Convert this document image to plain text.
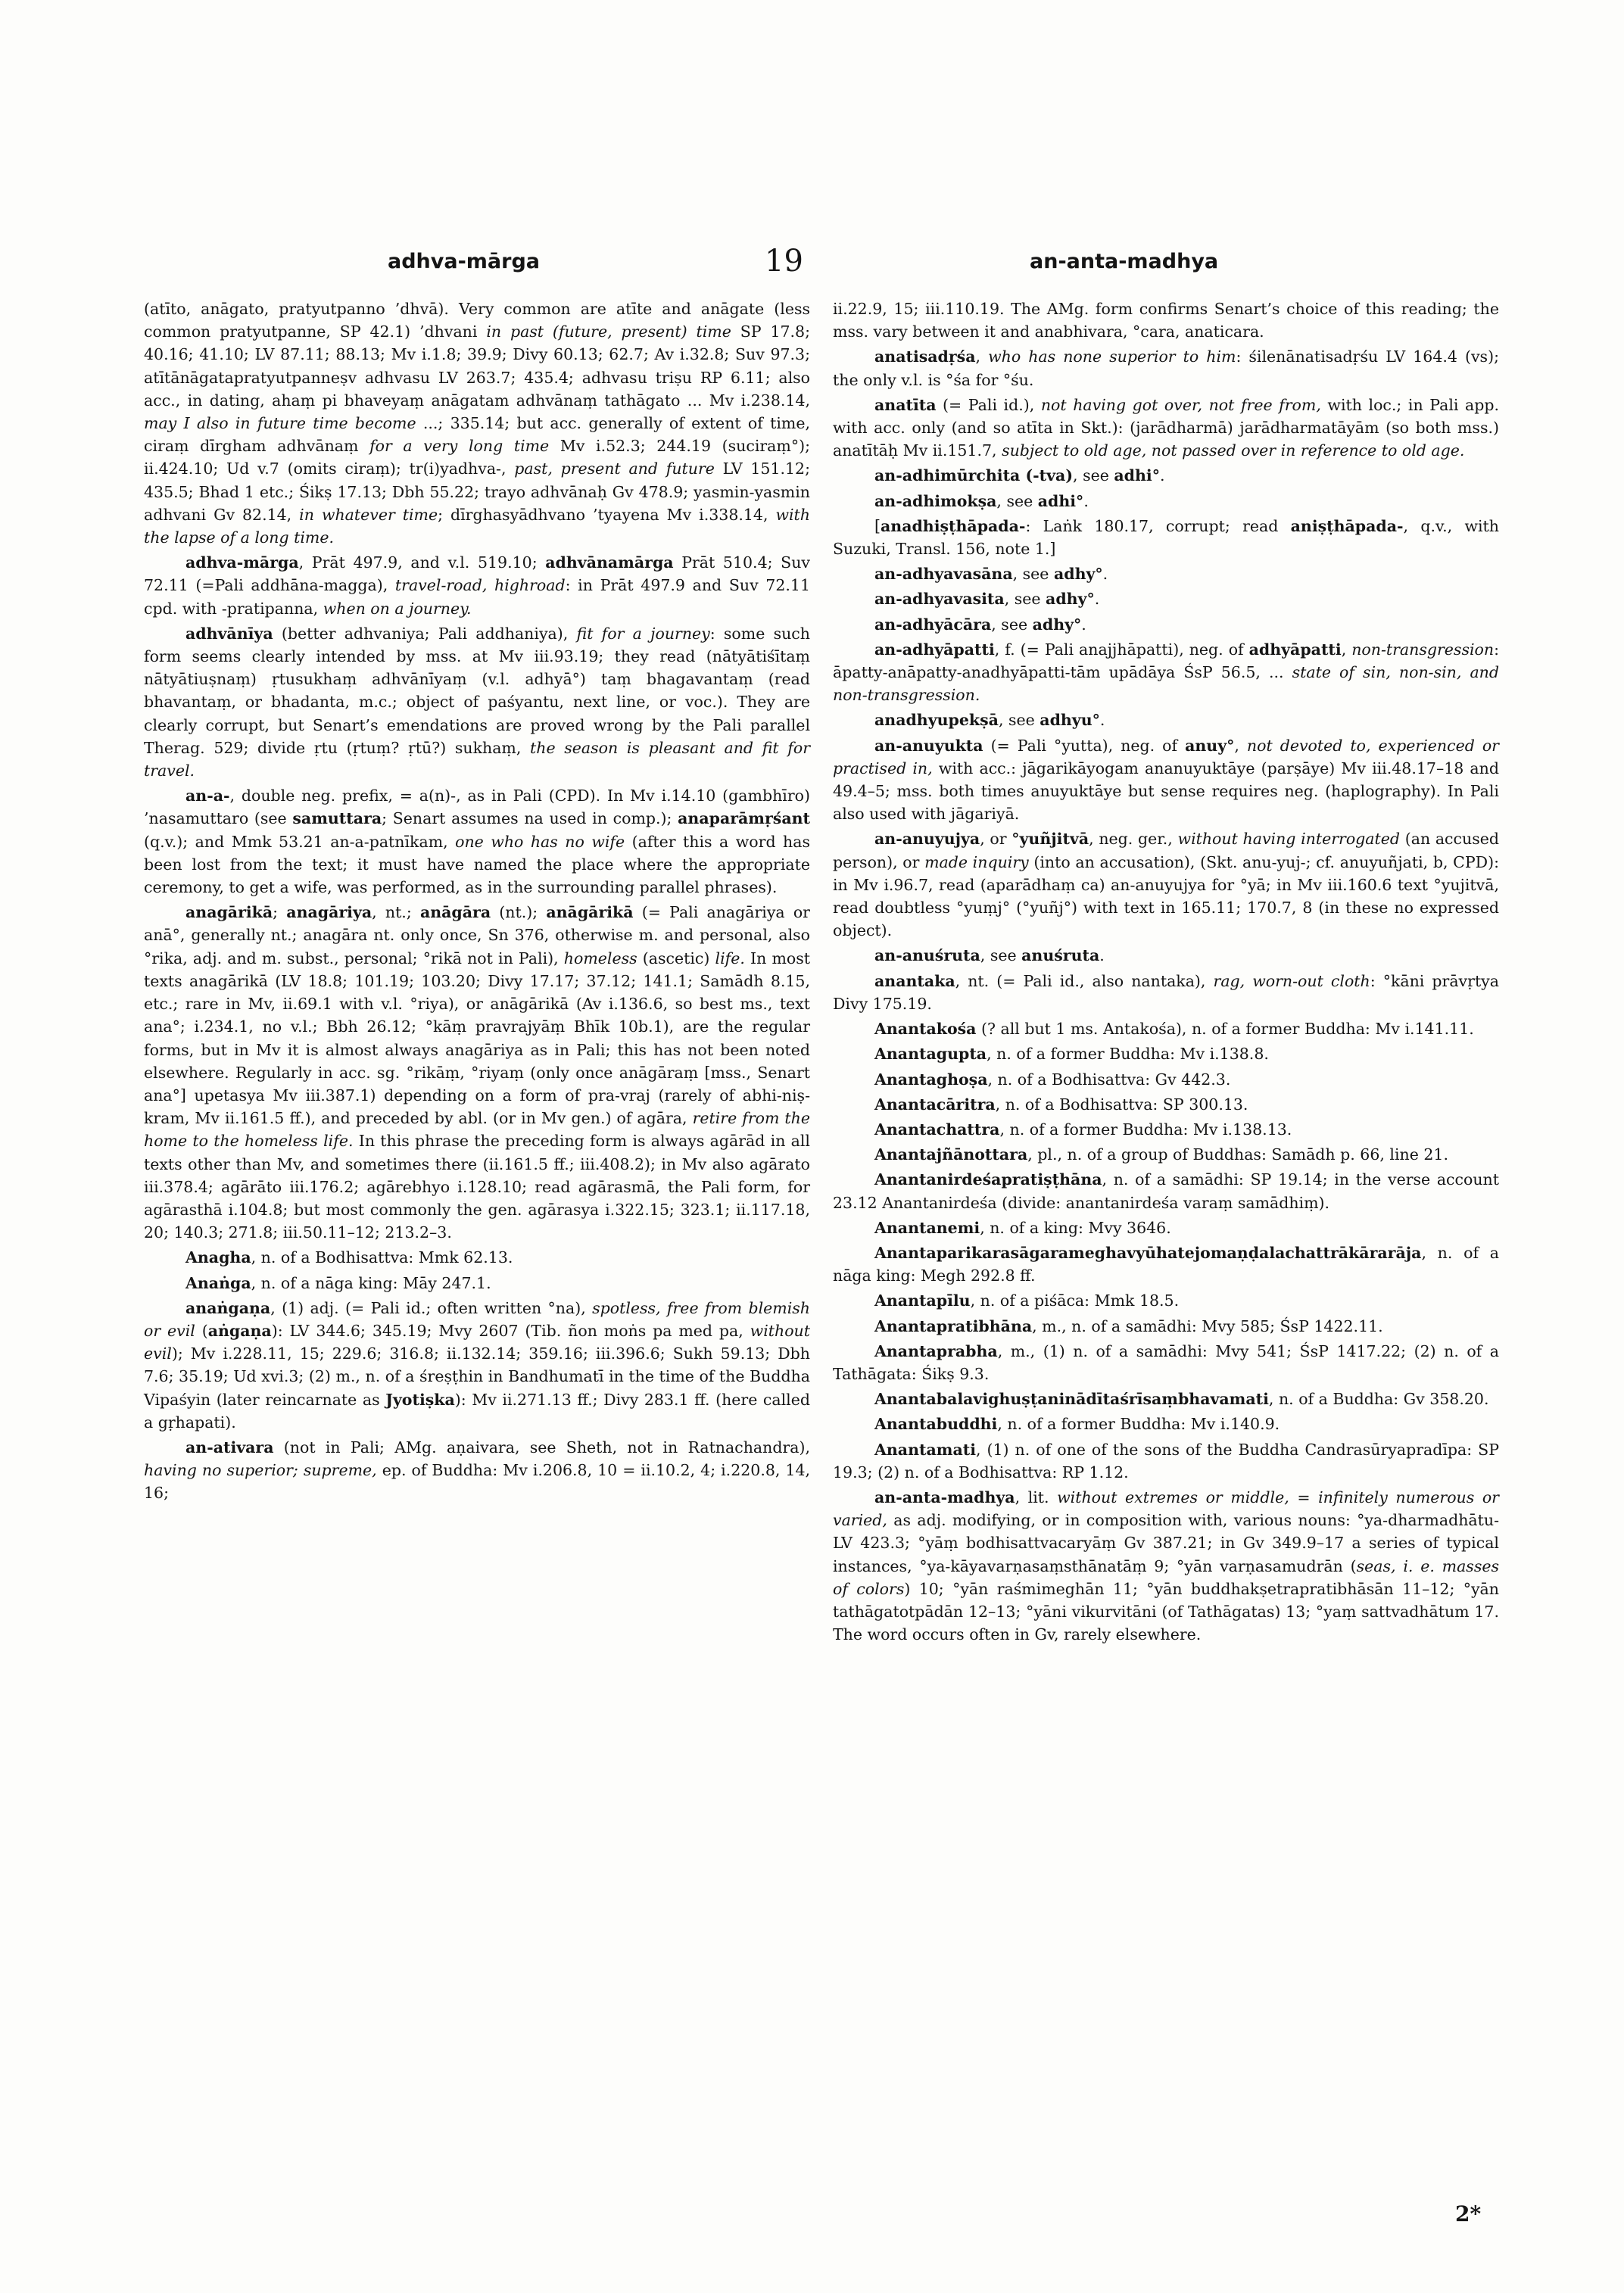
adhva-mārga	19	an-anta-madhya

(atīto, anāgato, pratyutpanno ’dhvā). Very common are atīte and anāgate (less common pratyutpanne, SP 42.1) ’dhvani in past (future, present) time SP 17.8; 40.16; 41.10; LV 87.11; 88.13; Mv i.1.8; 39.9; Divy 60.13; 62.7; Av i.32.8; Suv 97.3; atītānāgatapratyutpanneṣv adhvasu LV 263.7; 435.4; adhvasu triṣu RP 6.11; also acc., in dating, ahaṃ pi bhaveyaṃ anāgatam adhvānaṃ tathāgato ... Mv i.238.14, may I also in future time become ...; 335.14; but acc. generally of extent of time, ciraṃ dīrgham adhvānaṃ for a very long time Mv i.52.3; 244.19 (suciraṃ°); ii.424.10; Ud v.7 (omits ciraṃ); tr(i)yadhva-, past, present and future LV 151.12; 435.5; Bhad 1 etc.; Śikṣ 17.13; Dbh 55.22; trayo adhvānaḥ Gv 478.9; yasmin-yasmin adhvani Gv 82.14, in whatever time; dīrghasyādhvano ’tyayena Mv i.338.14, with the lapse of a long time.

adhva-mārga, Prāt 497.9, and v.l. 519.10; adhvānamārga Prāt 510.4; Suv 72.11 (=Pali addhāna-magga), travel-road, highroad: in Prāt 497.9 and Suv 72.11 cpd. with -pratipanna, when on a journey.

adhvānīya (better adhvaniya; Pali addhaniya), fit for a journey: some such form seems clearly intended by mss. at Mv iii.93.19; they read (nātyātiśītaṃ nātyātiuṣnaṃ) ṛtusukhaṃ adhvānīyaṃ (v.l. adhyā°) taṃ bhagavantaṃ (read bhavantaṃ, or bhadanta, m.c.; object of paśyantu, next line, or voc.). They are clearly corrupt, but Senart’s emendations are proved wrong by the Pali parallel Therag. 529; divide ṛtu (ṛtuṃ? ṛtū?) sukhaṃ, the season is pleasant and fit for travel.

an-a-, double neg. prefix, = a(n)-, as in Pali (CPD). In Mv i.14.10 (gambhīro) ’nasamuttaro (see samuttara; Senart assumes na used in comp.); anaparāmṛśant (q.v.); and Mmk 53.21 an-a-patnīkam, one who has no wife (after this a word has been lost from the text; it must have named the place where the appropriate ceremony, to get a wife, was performed, as in the surrounding parallel phrases).

anagārikā; anagāriya, nt.; anāgāra (nt.); anāgārikā (= Pali anagāriya or anā°, generally nt.; anagāra nt. only once, Sn 376, otherwise m. and personal, also °rika, adj. and m. subst., personal; °rikā not in Pali), homeless (ascetic) life. In most texts anagārikā (LV 18.8; 101.19; 103.20; Divy 17.17; 37.12; 141.1; Samādh 8.15, etc.; rare in Mv, ii.69.1 with v.l. °riya), or anāgārikā (Av i.136.6, so best ms., text ana°; i.234.1, no v.l.; Bbh 26.12; °kāṃ pravrajyāṃ Bhīk 10b.1), are the regular forms, but in Mv it is almost always anagāriya as in Pali; this has not been noted elsewhere. Regularly in acc. sg. °rikāṃ, °riyaṃ (only once anāgāraṃ [mss., Senart ana°] upetasya Mv iii.387.1) depending on a form of pra-vraj (rarely of abhi-niṣ-kram, Mv ii.161.5 ff.), and preceded by abl. (or in Mv gen.) of agāra, retire from the home to the homeless life. In this phrase the preceding form is always agārād in all texts other than Mv, and sometimes there (ii.161.5 ff.; iii.408.2); in Mv also agārato iii.378.4; agārāto iii.176.2; agārebhyo i.128.10; read agārasmā, the Pali form, for agārasthā i.104.8; but most commonly the gen. agārasya i.322.15; 323.1; ii.117.18, 20; 140.3; 271.8; iii.50.11–12; 213.2–3.

Anagha, n. of a Bodhisattva: Mmk 62.13.

Anaṅga, n. of a nāga king: Māy 247.1.

anaṅgaṇa, (1) adj. (= Pali id.; often written °na), spotless, free from blemish or evil (aṅgaṇa): LV 344.6; 345.19; Mvy 2607 (Tib. ñon moṅs pa med pa, without evil); Mv i.228.11, 15; 229.6; 316.8; ii.132.14; 359.16; iii.396.6; Sukh 59.13; Dbh 7.6; 35.19; Ud xvi.3; (2) m., n. of a śreṣṭhin in Bandhumatī in the time of the Buddha Vipaśyin (later reincarnate as Jyotiṣka): Mv ii.271.13 ff.; Divy 283.1 ff. (here called a gṛhapati).

an-ativara (not in Pali; AMg. aṇaivara, see Sheth, not in Ratnachandra), having no superior; supreme, ep. of Buddha: Mv i.206.8, 10 = ii.10.2, 4; i.220.8, 14, 16;

ii.22.9, 15; iii.110.19. The AMg. form confirms Senart’s choice of this reading; the mss. vary between it and anabhivara, °cara, anaticara.

anatisadṛśa, who has none superior to him: śilenānatisadṛśu LV 164.4 (vs); the only v.l. is °śa for °śu.

anatīta (= Pali id.), not having got over, not free from, with loc.; in Pali app. with acc. only (and so atīta in Skt.): (jarādharmā) jarādharmatāyām (so both mss.) anatītāḥ Mv ii.151.7, subject to old age, not passed over in reference to old age.

an-adhimūrchita (-tva), see adhi°.

an-adhimokṣa, see adhi°.

[anadhiṣṭhāpada-: Laṅk 180.17, corrupt; read aniṣṭhāpada-, q.v., with Suzuki, Transl. 156, note 1.]

an-adhyavasāna, see adhy°.

an-adhyavasita, see adhy°.

an-adhyācāra, see adhy°.

an-adhyāpatti, f. (= Pali anajjhāpatti), neg. of adhyāpatti, non-transgression: āpatty-anāpatty-anadhyāpatti-tām upādāya ŚsP 56.5, ... state of sin, non-sin, and non-transgression.

anadhyupekṣā, see adhyu°.

an-anuyukta (= Pali °yutta), neg. of anuy°, not devoted to, experienced or practised in, with acc.: jāgarikāyogam ananuyuktāye (parṣāye) Mv iii.48.17–18 and 49.4–5; mss. both times anuyuktāye but sense requires neg. (haplography). In Pali also used with jāgariyā.

an-anuyujya, or °yuñjitvā, neg. ger., without having interrogated (an accused person), or made inquiry (into an accusation), (Skt. anu-yuj-; cf. anuyuñjati, b, CPD): in Mv i.96.7, read (aparādhaṃ ca) an-anuyujya for °yā; in Mv iii.160.6 text °yujitvā, read doubtless °yuṃj° (°yuñj°) with text in 165.11; 170.7, 8 (in these no expressed object).

an-anuśruta, see anuśruta.

anantaka, nt. (= Pali id., also nantaka), rag, worn-out cloth: °kāni prāvṛtya Divy 175.19.

Anantakośa (? all but 1 ms. Antakośa), n. of a former Buddha: Mv i.141.11.

Anantagupta, n. of a former Buddha: Mv i.138.8.

Anantaghoṣa, n. of a Bodhisattva: Gv 442.3.

Anantacāritra, n. of a Bodhisattva: SP 300.13.

Anantachattra, n. of a former Buddha: Mv i.138.13.

Anantajñānottara, pl., n. of a group of Buddhas: Samādh p. 66, line 21.

Anantanirdeśapratiṣṭhāna, n. of a samādhi: SP 19.14; in the verse account 23.12 Anantanirdeśa (divide: anantanirdeśa varaṃ samādhiṃ).

Anantanemi, n. of a king: Mvy 3646.

Anantaparikarasāgarameghavyūhatejomaṇḍalachattrākārarāja, n. of a nāga king: Megh 292.8 ff.

Anantapīlu, n. of a piśāca: Mmk 18.5.

Anantapratibhāna, m., n. of a samādhi: Mvy 585; ŚsP 1422.11.

Anantaprabha, m., (1) n. of a samādhi: Mvy 541; ŚsP 1417.22; (2) n. of a Tathāgata: Śikṣ 9.3.

Anantabalavighuṣṭaninādītaśrīsaṃbhavamati, n. of a Buddha: Gv 358.20.

Anantabuddhi, n. of a former Buddha: Mv i.140.9.

Anantamati, (1) n. of one of the sons of the Buddha Candrasūryapradīpa: SP 19.3; (2) n. of a Bodhisattva: RP 1.12.

an-anta-madhya, lit. without extremes or middle, = infinitely numerous or varied, as adj. modifying, or in composition with, various nouns: °ya-dharmadhātu- LV 423.3; °yāṃ bodhisattvacaryāṃ Gv 387.21; in Gv 349.9–17 a series of typical instances, °ya-kāyavarṇasaṃsthānatāṃ 9; °yān varṇasamudrān (seas, i. e. masses of colors) 10; °yān raśmimeghān 11; °yān buddhakṣetrapratibhāsān 11–12; °yān tathāgatotpādān 12–13; °yāni vikurvitāni (of Tathāgatas) 13; °yaṃ sattvadhātum 17. The word occurs often in Gv, rarely elsewhere.

2*
